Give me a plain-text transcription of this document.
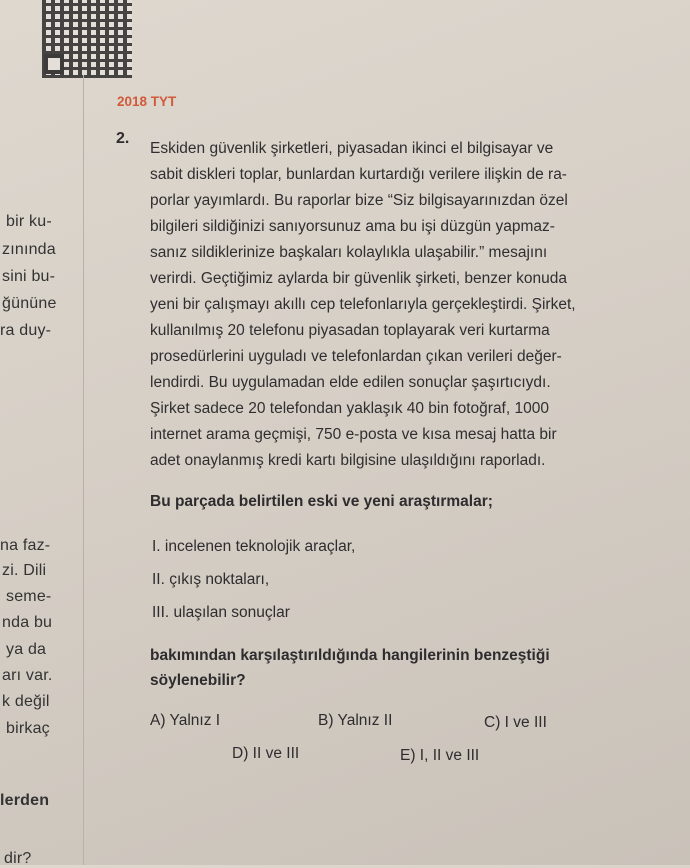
bir ku-
zınında
sini bu-
ğününe
ra duy-
na faz-
zi. Dili
seme-
nda bu
ya da
arı var.
k değil
birkaç
lerden
dir?
2018 TYT
2.
Eskiden güvenlik şirketleri, piyasadan ikinci el bilgisayar ve
sabit diskleri toplar, bunlardan kurtardığı verilere ilişkin de ra-
porlar yayımlardı. Bu raporlar bize “Siz bilgisayarınızdan özel
bilgileri sildiğinizi sanıyorsunuz ama bu işi düzgün yapmaz-
sanız sildiklerinize başkaları kolaylıkla ulaşabilir.” mesajını
verirdi. Geçtiğimiz aylarda bir güvenlik şirketi, benzer konuda
yeni bir çalışmayı akıllı cep telefonlarıyla gerçekleştirdi. Şirket,
kullanılmış 20 telefonu piyasadan toplayarak veri kurtarma
prosedürlerini uyguladı ve telefonlardan çıkan verileri değer-
lendirdi. Bu uygulamadan elde edilen sonuçlar şaşırtıcıydı.
Şirket sadece 20 telefondan yaklaşık 40 bin fotoğraf, 1000
internet arama geçmişi, 750 e-posta ve kısa mesaj hatta bir
adet onaylanmış kredi kartı bilgisine ulaşıldığını raporladı.
Bu parçada belirtilen eski ve yeni araştırmalar;
I. incelenen teknolojik araçlar,
II. çıkış noktaları,
III. ulaşılan sonuçlar
bakımından karşılaştırıldığında hangilerinin benzeştiği
söylenebilir?
A) Yalnız I	B) Yalnız II	C) I ve III
D) II ve III	E) I, II ve III
